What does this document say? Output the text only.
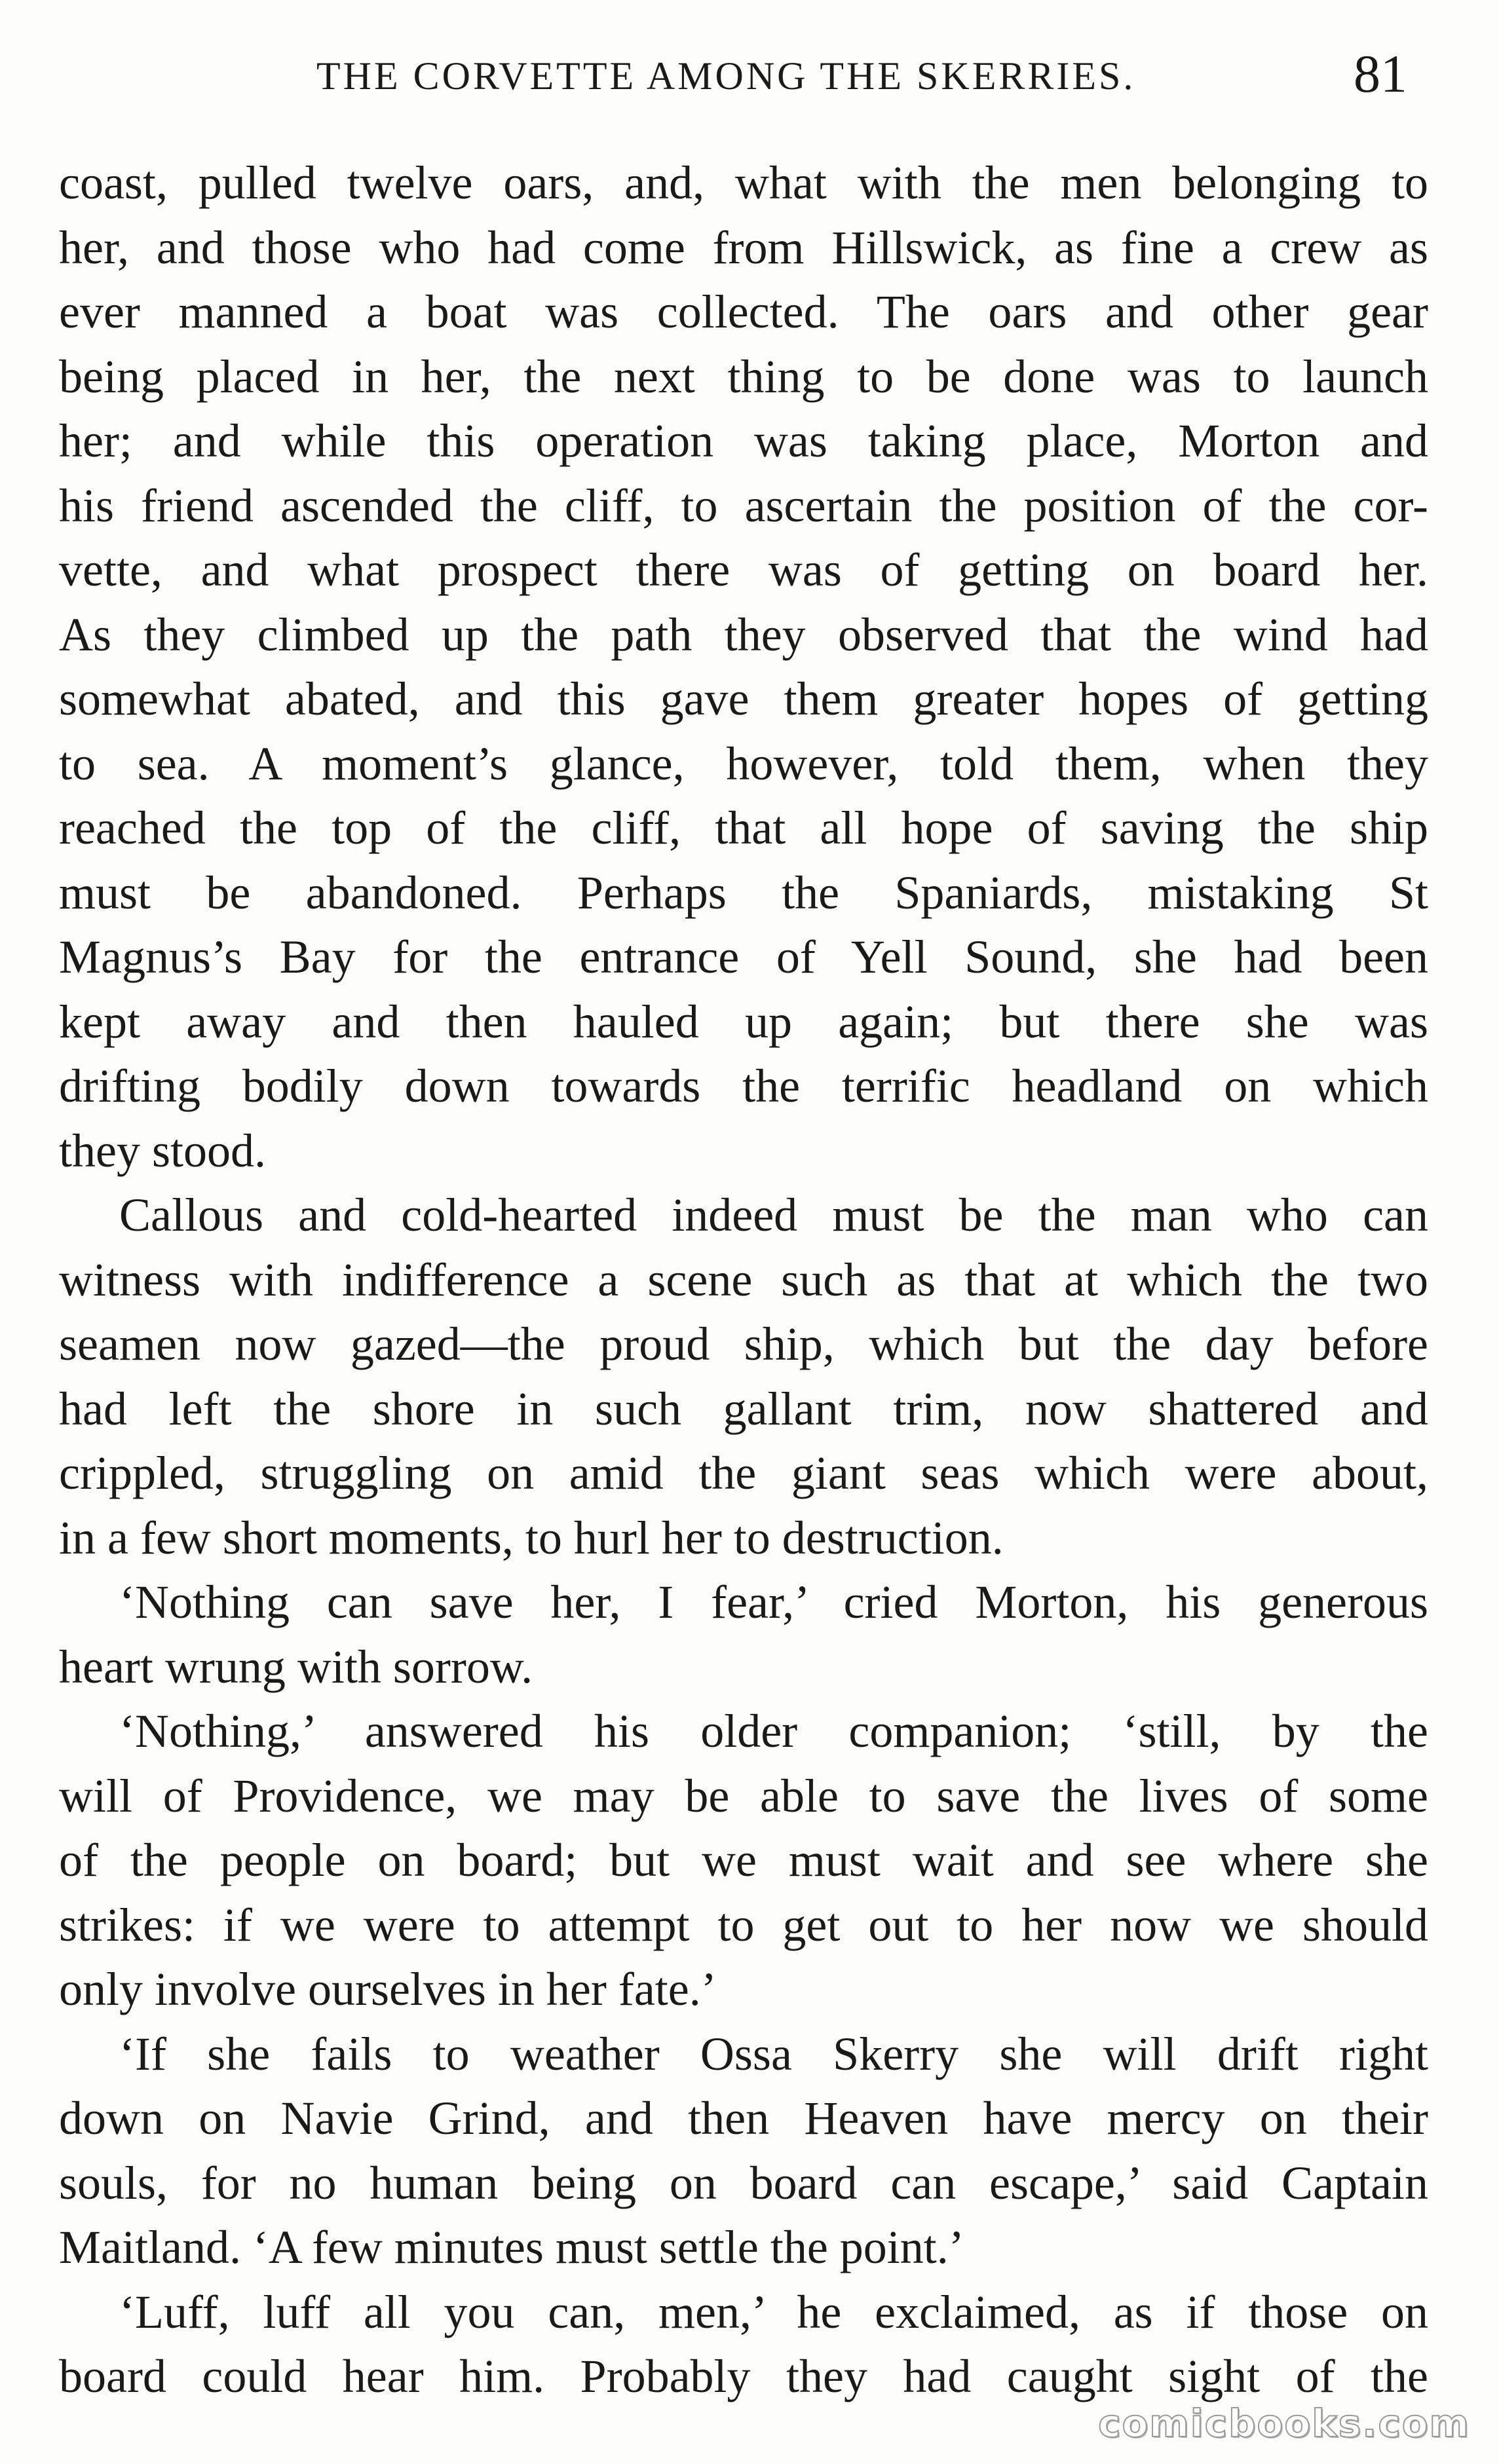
THE CORVETTE AMONG THE SKERRIES.	81
coast, pulled twelve oars, and, what with the men belonging to
her, and those who had come from Hillswick, as fine a crew as
ever manned a boat was collected. The oars and other gear
being placed in her, the next thing to be done was to launch
her; and while this operation was taking place, Morton and
his friend ascended the cliff, to ascertain the position of the cor-
vette, and what prospect there was of getting on board her.
As they climbed up the path they observed that the wind had
somewhat abated, and this gave them greater hopes of getting
to sea. A moment’s glance, however, told them, when they
reached the top of the cliff, that all hope of saving the ship
must be abandoned. Perhaps the Spaniards, mistaking St
Magnus’s Bay for the entrance of Yell Sound, she had been
kept away and then hauled up again; but there she was
drifting bodily down towards the terrific headland on which
they stood.
Callous and cold-hearted indeed must be the man who can
witness with indifference a scene such as that at which the two
seamen now gazed—the proud ship, which but the day before
had left the shore in such gallant trim, now shattered and
crippled, struggling on amid the giant seas which were about,
in a few short moments, to hurl her to destruction.
‘Nothing can save her, I fear,’ cried Morton, his generous
heart wrung with sorrow.
‘Nothing,’ answered his older companion; ‘still, by the
will of Providence, we may be able to save the lives of some
of the people on board; but we must wait and see where she
strikes: if we were to attempt to get out to her now we should
only involve ourselves in her fate.’
‘If she fails to weather Ossa Skerry she will drift right
down on Navie Grind, and then Heaven have mercy on their
souls, for no human being on board can escape,’ said Captain
Maitland. ‘A few minutes must settle the point.’
‘Luff, luff all you can, men,’ he exclaimed, as if those on
board could hear him. Probably they had caught sight of the
comicbooks.com
